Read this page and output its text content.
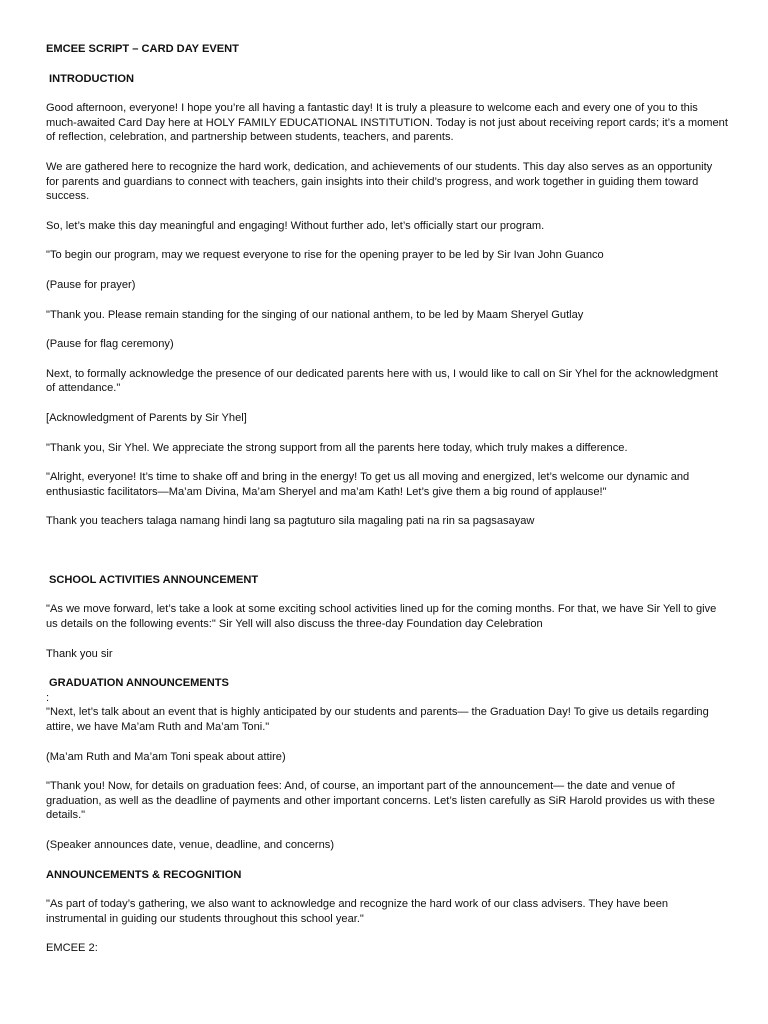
EMCEE SCRIPT – CARD DAY EVENT

INTRODUCTION

Good afternoon, everyone! I hope you’re all having a fantastic day! It is truly a pleasure to welcome each and every one of you to this much-awaited Card Day here at HOLY FAMILY EDUCATIONAL INSTITUTION. Today is not just about receiving report cards; it’s a moment of reflection, celebration, and partnership between students, teachers, and parents.

We are gathered here to recognize the hard work, dedication, and achievements of our students. This day also serves as an opportunity for parents and guardians to connect with teachers, gain insights into their child’s progress, and work together in guiding them toward success.

So, let’s make this day meaningful and engaging! Without further ado, let’s officially start our program.

"To begin our program, may we request everyone to rise for the opening prayer to be led by Sir Ivan John Guanco

(Pause for prayer)

"Thank you. Please remain standing for the singing of our national anthem, to be led by Maam Sheryel Gutlay

(Pause for flag ceremony)

Next, to formally acknowledge the presence of our dedicated parents here with us, I would like to call on Sir Yhel for the acknowledgment of attendance."

[Acknowledgment of Parents by Sir Yhel]

"Thank you, Sir Yhel. We appreciate the strong support from all the parents here today, which truly makes a difference.

"Alright, everyone! It’s time to shake off and bring in the energy! To get us all moving and energized, let’s welcome our dynamic and enthusiastic facilitators—Ma’am Divina, Ma’am Sheryel and ma’am Kath! Let’s give them a big round of applause!"

Thank you teachers talaga namang hindi lang sa pagtuturo sila magaling pati na rin sa pagsasayaw

SCHOOL ACTIVITIES ANNOUNCEMENT

"As we move forward, let’s take a look at some exciting school activities lined up for the coming months. For that, we have Sir Yell to give us details on the following events:" Sir Yell will also discuss the three-day Foundation day Celebration

Thank you sir

GRADUATION ANNOUNCEMENTS

:

"Next, let’s talk about an event that is highly anticipated by our students and parents— the Graduation Day! To give us details regarding attire, we have Ma’am Ruth and Ma’am Toni."

(Ma’am Ruth and Ma’am Toni speak about attire)

"Thank you! Now, for details on graduation fees: And, of course, an important part of the announcement— the date and venue of graduation, as well as the deadline of payments and other important concerns. Let’s listen carefully as SiR Harold provides us with these details."

(Speaker announces date, venue, deadline, and concerns)

ANNOUNCEMENTS & RECOGNITION

"As part of today’s gathering, we also want to acknowledge and recognize the hard work of our class advisers. They have been instrumental in guiding our students throughout this school year."

EMCEE 2:
